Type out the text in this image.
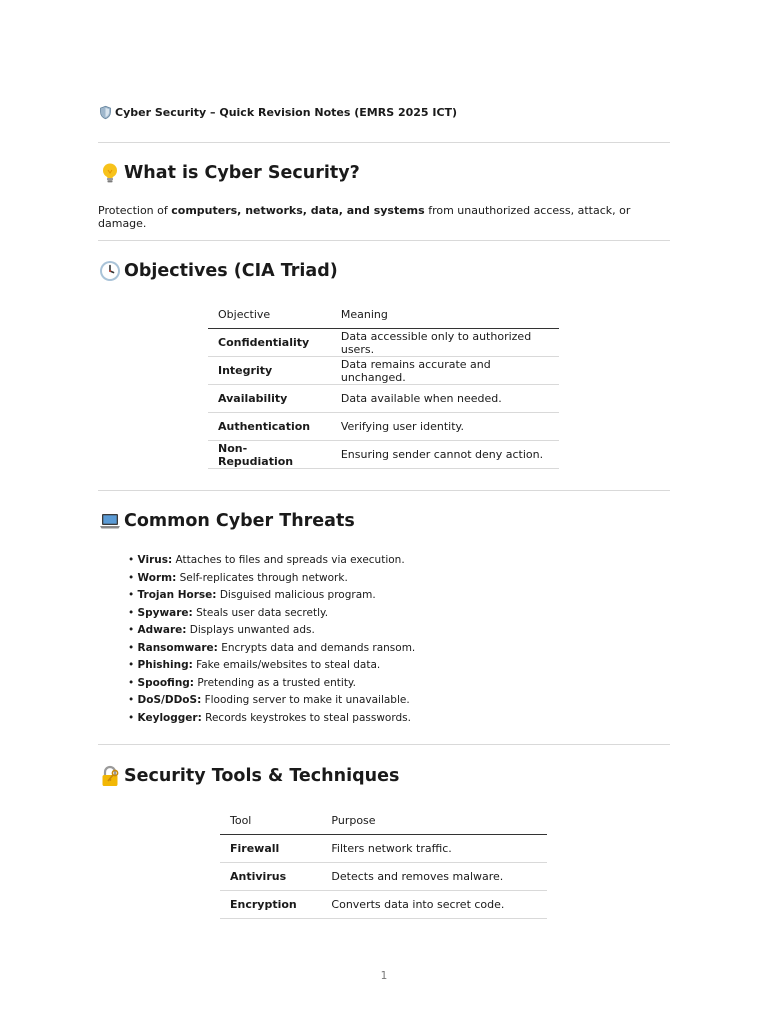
Cyber Security – Quick Revision Notes (EMRS 2025 ICT)

What is Cyber Security?

Protection of computers, networks, data, and systems from unauthorized access, attack, or damage.

Objectives (CIA Triad)
Objective	Meaning
Confidentiality	Data accessible only to authorized users.
Integrity	Data remains accurate and unchanged.
Availability	Data available when needed.
Authentication	Verifying user identity.
Non-Repudiation	Ensuring sender cannot deny action.
Common Cyber Threats
• Virus: Attaches to files and spreads via execution.
• Worm: Self-replicates through network.
• Trojan Horse: Disguised malicious program.
• Spyware: Steals user data secretly.
• Adware: Displays unwanted ads.
• Ransomware: Encrypts data and demands ransom.
• Phishing: Fake emails/websites to steal data.
• Spoofing: Pretending as a trusted entity.
• DoS/DDoS: Flooding server to make it unavailable.
• Keylogger: Records keystrokes to steal passwords.
Security Tools & Techniques
Tool	Purpose
Firewall	Filters network traffic.
Antivirus	Detects and removes malware.
Encryption	Converts data into secret code.
1
